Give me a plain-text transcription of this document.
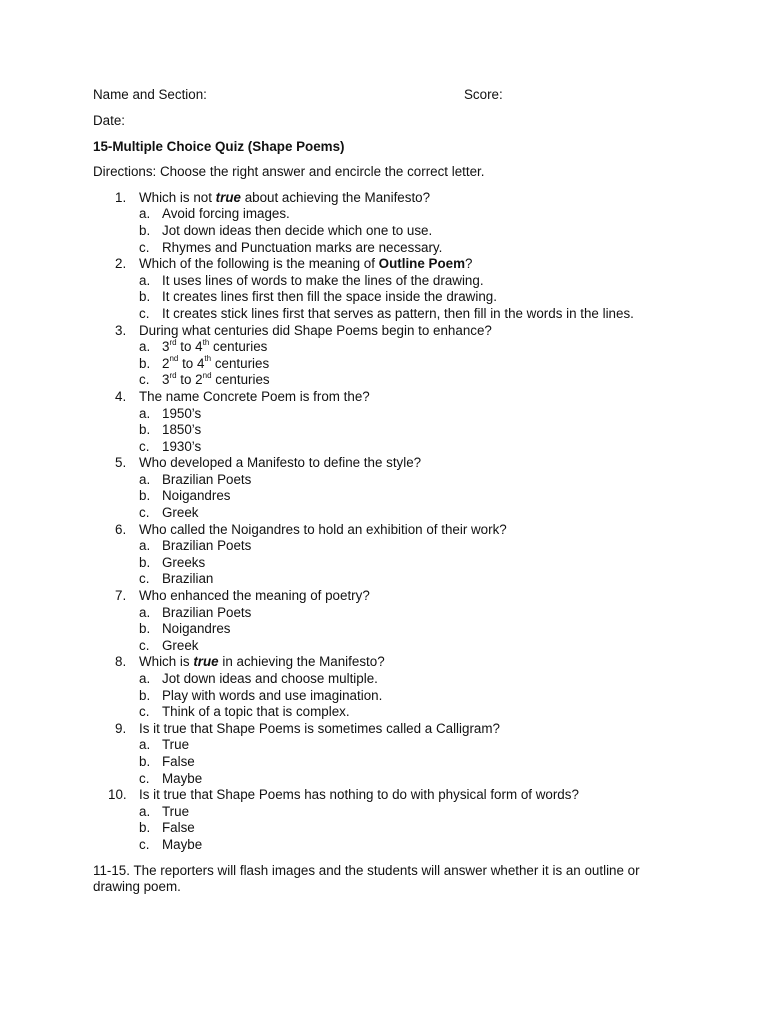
Name and Section:	Score:
Date:
15-Multiple Choice Quiz (Shape Poems)
Directions: Choose the right answer and encircle the correct letter.
1. Which is not true about achieving the Manifesto?
a. Avoid forcing images.
b. Jot down ideas then decide which one to use.
c. Rhymes and Punctuation marks are necessary.
2. Which of the following is the meaning of Outline Poem?
a. It uses lines of words to make the lines of the drawing.
b. It creates lines first then fill the space inside the drawing.
c. It creates stick lines first that serves as pattern, then fill in the words in the lines.
3. During what centuries did Shape Poems begin to enhance?
a. 3rd to 4th centuries
b. 2nd to 4th centuries
c. 3rd to 2nd centuries
4. The name Concrete Poem is from the?
a. 1950’s
b. 1850’s
c. 1930’s
5. Who developed a Manifesto to define the style?
a. Brazilian Poets
b. Noigandres
c. Greek
6. Who called the Noigandres to hold an exhibition of their work?
a. Brazilian Poets
b. Greeks
c. Brazilian
7. Who enhanced the meaning of poetry?
a. Brazilian Poets
b. Noigandres
c. Greek
8. Which is true in achieving the Manifesto?
a. Jot down ideas and choose multiple.
b. Play with words and use imagination.
c. Think of a topic that is complex.
9. Is it true that Shape Poems is sometimes called a Calligram?
a. True
b. False
c. Maybe
10. Is it true that Shape Poems has nothing to do with physical form of words?
a. True
b. False
c. Maybe

11-15. The reporters will flash images and the students will answer whether it is an outline or drawing poem.
